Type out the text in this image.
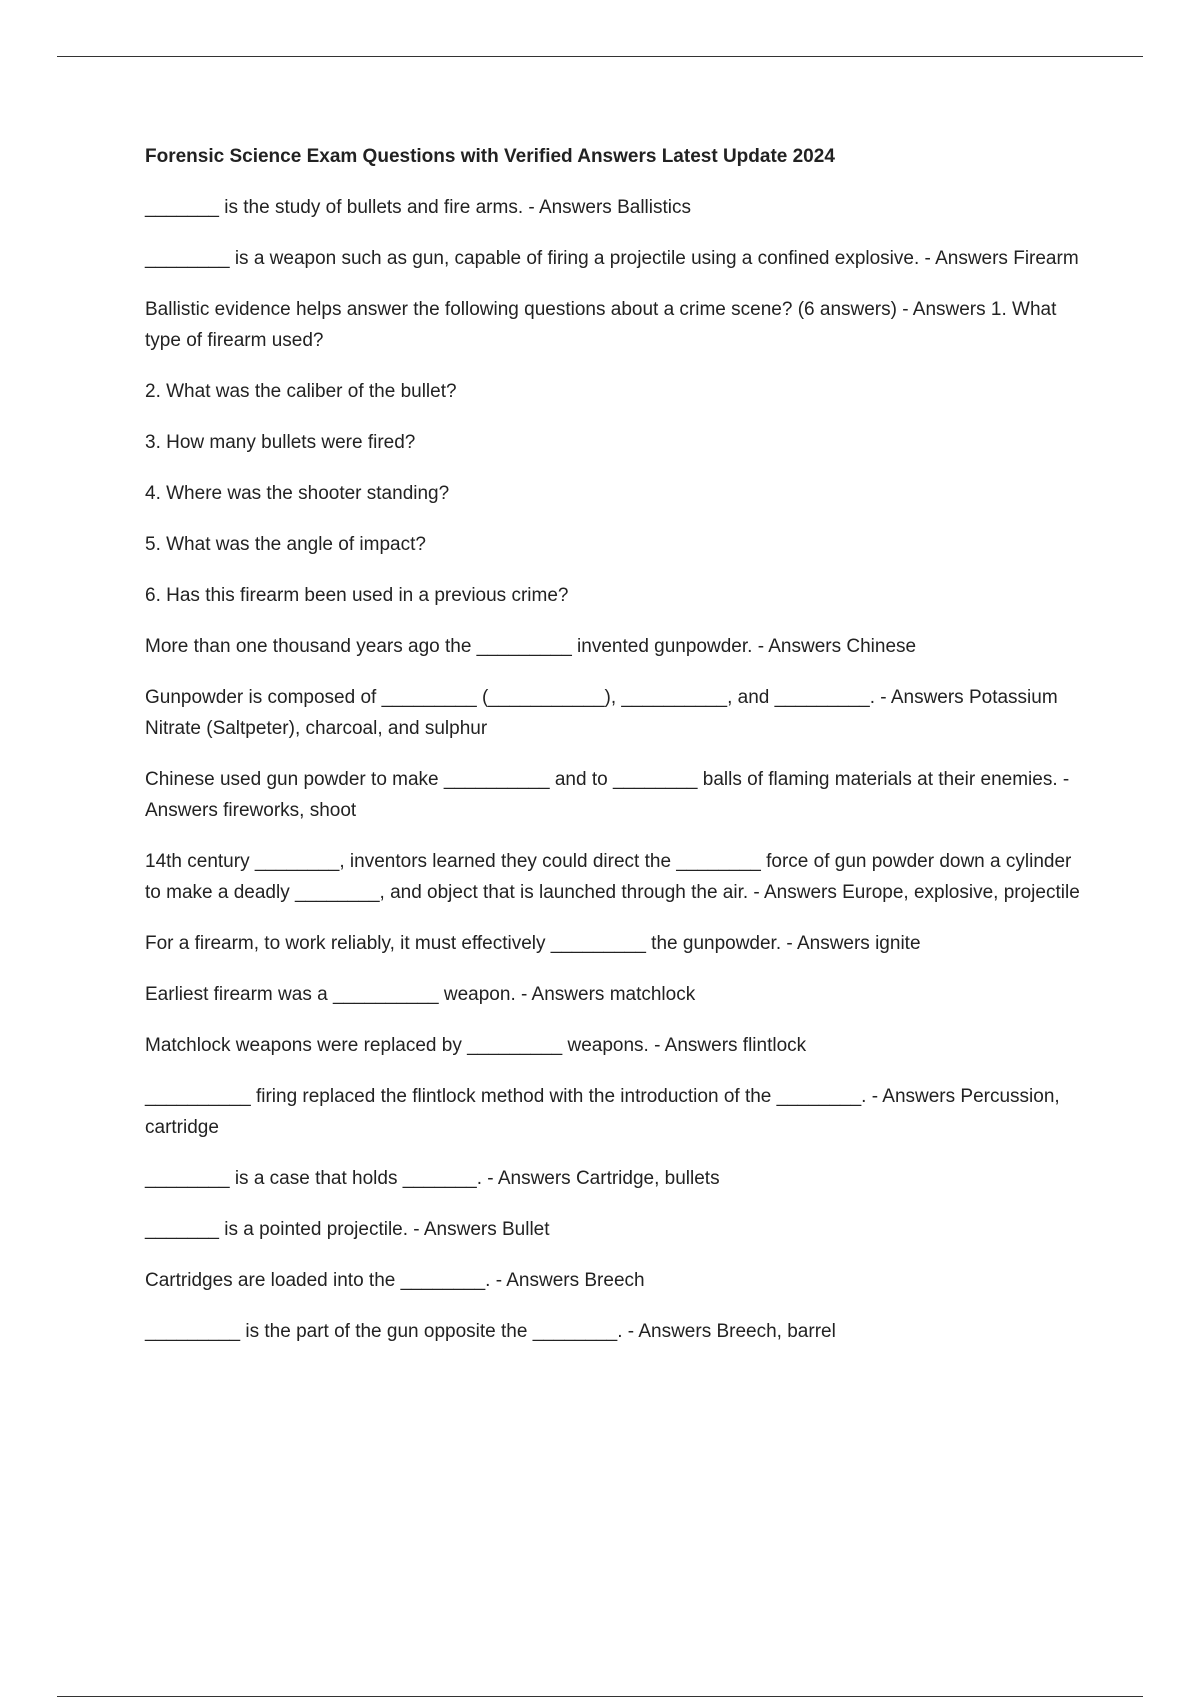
Forensic Science Exam Questions with Verified Answers Latest Update 2024

_______ is the study of bullets and fire arms. - Answers Ballistics

________ is a weapon such as gun, capable of firing a projectile using a confined explosive. - Answers Firearm

Ballistic evidence helps answer the following questions about a crime scene? (6 answers) - Answers 1. What type of firearm used?

2. What was the caliber of the bullet?

3. How many bullets were fired?

4. Where was the shooter standing?

5. What was the angle of impact?

6. Has this firearm been used in a previous crime?

More than one thousand years ago the _________ invented gunpowder. - Answers Chinese

Gunpowder is composed of _________ (___________), __________, and _________. - Answers Potassium Nitrate (Saltpeter), charcoal, and sulphur

Chinese used gun powder to make __________ and to ________ balls of flaming materials at their enemies. - Answers fireworks, shoot

14th century ________, inventors learned they could direct the ________ force of gun powder down a cylinder to make a deadly ________, and object that is launched through the air. - Answers Europe, explosive, projectile

For a firearm, to work reliably, it must effectively _________ the gunpowder. - Answers ignite

Earliest firearm was a __________ weapon. - Answers matchlock

Matchlock weapons were replaced by _________ weapons. - Answers flintlock

__________ firing replaced the flintlock method with the introduction of the ________. - Answers Percussion, cartridge

________ is a case that holds _______. - Answers Cartridge, bullets

_______ is a pointed projectile. - Answers Bullet

Cartridges are loaded into the ________. - Answers Breech

_________ is the part of the gun opposite the ________. - Answers Breech, barrel
